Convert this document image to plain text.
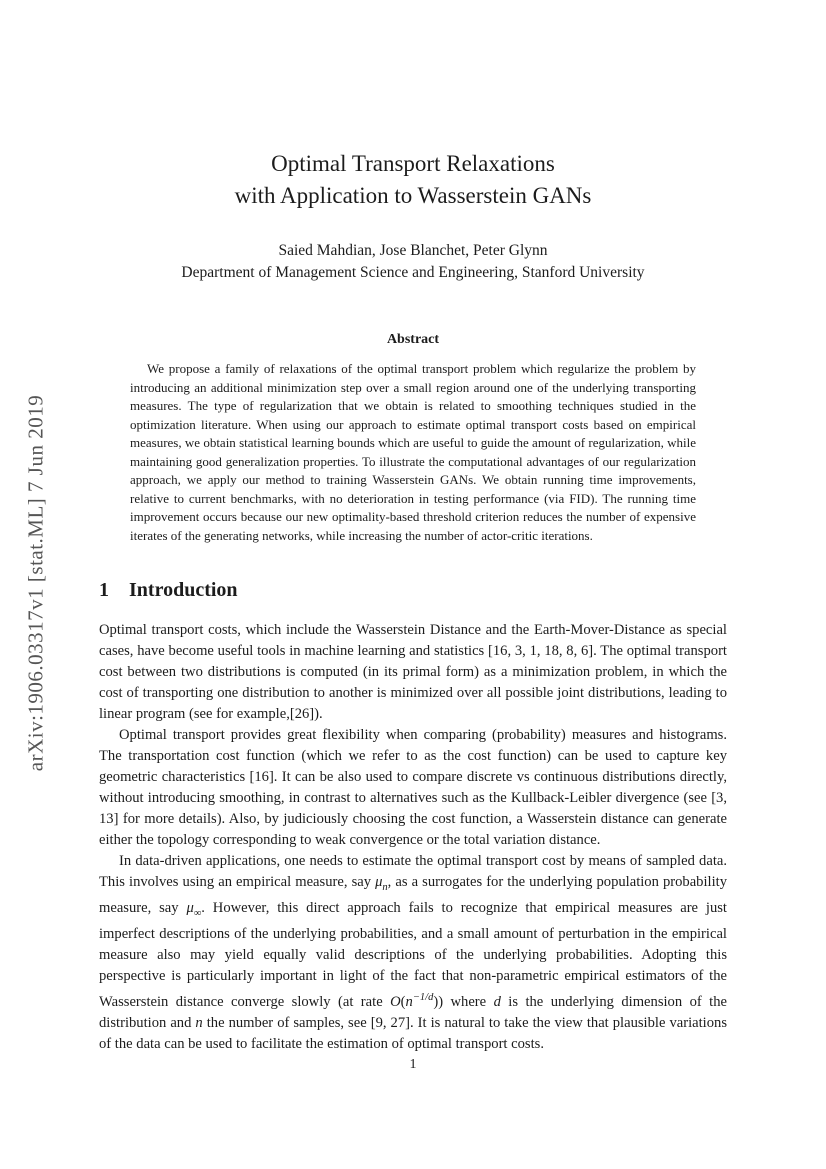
arXiv:1906.03317v1 [stat.ML] 7 Jun 2019
Optimal Transport Relaxations
with Application to Wasserstein GANs
Saied Mahdian, Jose Blanchet, Peter Glynn
Department of Management Science and Engineering, Stanford University
Abstract
We propose a family of relaxations of the optimal transport problem which regularize the problem by introducing an additional minimization step over a small region around one of the underlying transporting measures. The type of regularization that we obtain is related to smoothing techniques studied in the optimization literature. When using our approach to estimate optimal transport costs based on empirical measures, we obtain statistical learning bounds which are useful to guide the amount of regularization, while maintaining good generalization properties. To illustrate the computational advantages of our regularization approach, we apply our method to training Wasserstein GANs. We obtain running time improvements, relative to current benchmarks, with no deterioration in testing performance (via FID). The running time improvement occurs because our new optimality-based threshold criterion reduces the number of expensive iterates of the generating networks, while increasing the number of actor-critic iterations.
1 Introduction

Optimal transport costs, which include the Wasserstein Distance and the Earth-Mover-Distance as special cases, have become useful tools in machine learning and statistics [16, 3, 1, 18, 8, 6]. The optimal transport cost between two distributions is computed (in its primal form) as a minimization problem, in which the cost of transporting one distribution to another is minimized over all possible joint distributions, leading to linear program (see for example,[26]).

Optimal transport provides great flexibility when comparing (probability) measures and histograms. The transportation cost function (which we refer to as the cost function) can be used to capture key geometric characteristics [16]. It can be also used to compare discrete vs continuous distributions directly, without introducing smoothing, in contrast to alternatives such as the Kullback-Leibler divergence (see [3, 13] for more details). Also, by judiciously choosing the cost function, a Wasserstein distance can generate either the topology corresponding to weak convergence or the total variation distance.

In data-driven applications, one needs to estimate the optimal transport cost by means of sampled data. This involves using an empirical measure, say $\mu_n$, as a surrogates for the underlying population probability measure, say $\mu_\infty$. However, this direct approach fails to recognize that empirical measures are just imperfect descriptions of the underlying probabilities, and a small amount of perturbation in the empirical measure also may yield equally valid descriptions of the underlying probabilities. Adopting this perspective is particularly important in light of the fact that non-parametric empirical estimators of the Wasserstein distance converge slowly (at rate $O(n^{-1/d})$) where d is the underlying dimension of the distribution and n the number of samples, see [9, 27]. It is natural to take the view that plausible variations of the data can be used to facilitate the estimation of optimal transport costs.

1
